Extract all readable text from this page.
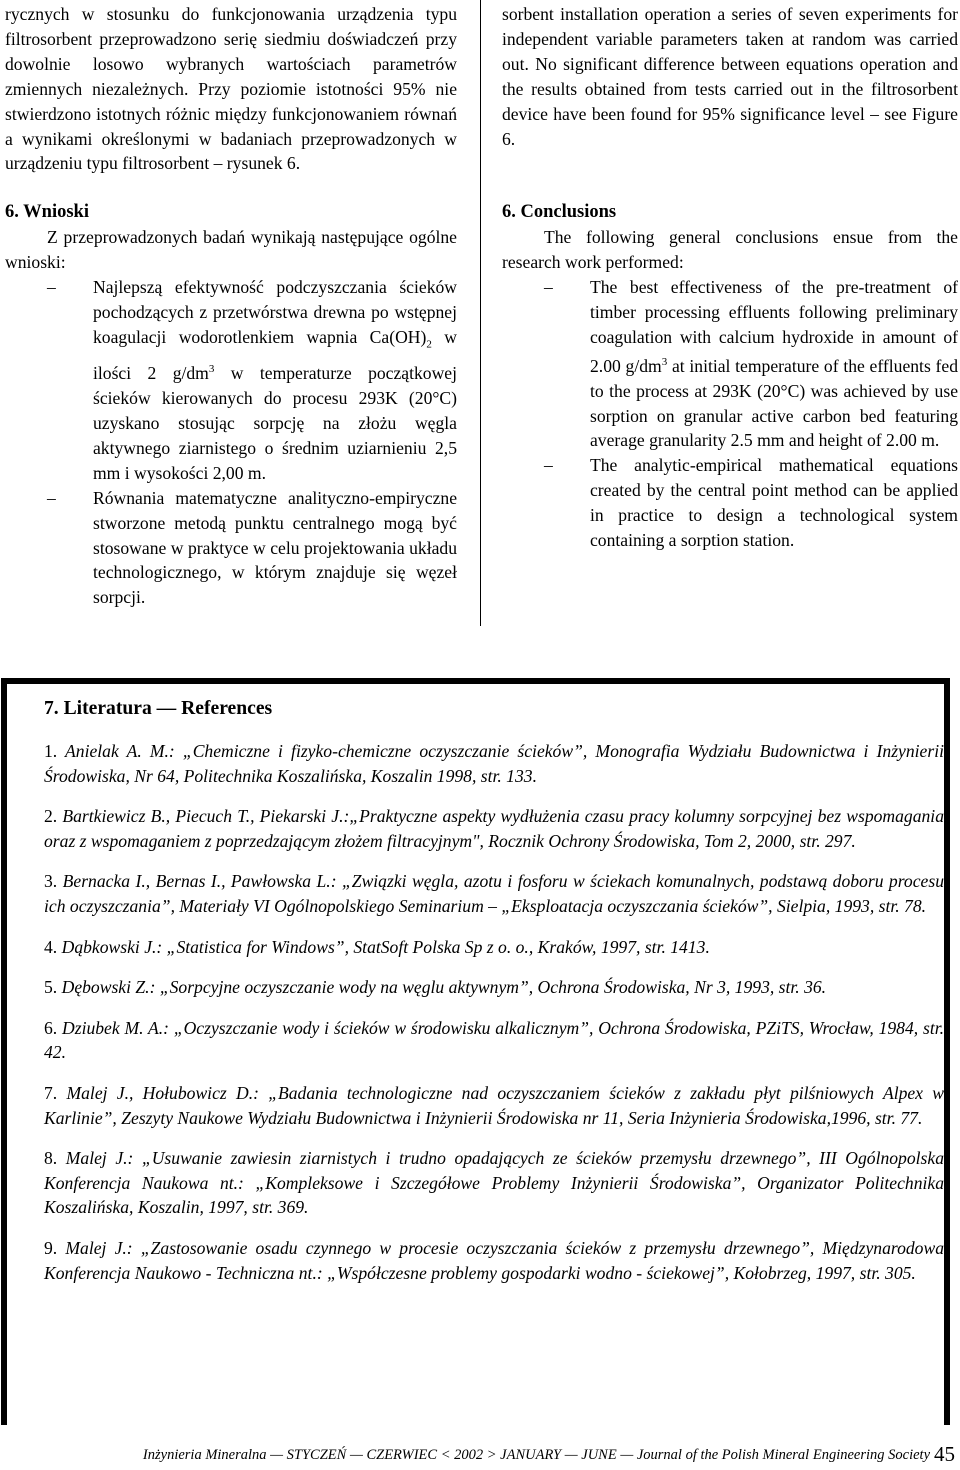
rycznych w stosunku do funkcjonowania urządzenia typu filtrosorbent przeprowadzono serię siedmiu doświadczeń przy dowolnie losowo wybranych wartościach parametrów zmiennych niezależnych. Przy poziomie istotności 95% nie stwierdzono istotnych różnic między funkcjonowaniem równań a wynikami określonymi w badaniach przeprowadzonych w urządzeniu typu filtrosorbent – rysunek 6.

6. Wnioski

Z przeprowadzonych badań wynikają następujące ogólne wnioski:

– Najlepszą efektywność podczyszczania ścieków pochodzących z przetwórstwa drewna po wstępnej koagulacji wodorotlenkiem wapnia $Ca(OH)_2$ w ilości 2 $g/dm^3$ w temperaturze początkowej ścieków kierowanych do procesu 293K (20°C) uzyskano stosując sorpcję na złożu węgla aktywnego ziarnistego o średnim uziarnieniu 2,5 mm i wysokości 2,00 m.
– Równania matematyczne analityczno-empiryczne stworzone metodą punktu centralnego mogą być stosowane w praktyce w celu projektowania układu technologicznego, w którym znajduje się węzeł sorpcji.

sorbent installation operation a series of seven experiments for independent variable parameters taken at random was carried out. No significant difference between equations operation and the results obtained from tests carried out in the filtrosorbent device have been found for 95% significance level – see Figure 6.

6. Conclusions

The following general conclusions ensue from the research work performed:

– The best effectiveness of the pre-treatment of timber processing effluents following preliminary coagulation with calcium hydroxide in amount of 2.00 $g/dm^3$ at initial temperature of the effluents fed to the process at 293K (20°C) was achieved by use sorption on granular active carbon bed featuring average granularity 2.5 mm and height of 2.00 m.
– The analytic-empirical mathematical equations created by the central point method can be applied in practice to design a technological system containing a sorption station.

7. Literatura — References

1. Anielak A. M.: „Chemiczne i fizyko-chemiczne oczyszczanie ścieków”, Monografia Wydziału Budownictwa i Inżynierii Środowiska, Nr 64, Politechnika Koszalińska, Koszalin 1998, str. 133.
2. Bartkiewicz B., Piecuch T., Piekarski J.:„Praktyczne aspekty wydłużenia czasu pracy kolumny sorpcyjnej bez wspomagania oraz z wspomaganiem z poprzedzającym złożem filtracyjnym", Rocznik Ochrony Środowiska, Tom 2, 2000, str. 297.
3. Bernacka I., Bernas I., Pawłowska L.: „Związki węgla, azotu i fosforu w ściekach komunalnych, podstawą doboru procesu ich oczyszczania”, Materiały VI Ogólnopolskiego Seminarium – „Eksploatacja oczyszczania ścieków”, Sielpia, 1993, str. 78.
4. Dąbkowski J.: „Statistica for Windows”, StatSoft Polska Sp z o. o., Kraków, 1997, str. 1413.
5. Dębowski Z.: „Sorpcyjne oczyszczanie wody na węglu aktywnym”, Ochrona Środowiska, Nr 3, 1993, str. 36.
6. Dziubek M. A.: „Oczyszczanie wody i ścieków w środowisku alkalicznym”, Ochrona Środowiska, PZiTS, Wrocław, 1984, str. 42.
7. Malej J., Hołubowicz D.: „Badania technologiczne nad oczyszczaniem ścieków z zakładu płyt pilśniowych Alpex w Karlinie”, Zeszyty Naukowe Wydziału Budownictwa i Inżynierii Środowiska nr 11, Seria Inżynieria Środowiska,1996, str. 77.
8. Malej J.: „Usuwanie zawiesin ziarnistych i trudno opadających ze ścieków przemysłu drzewnego”, III Ogólnopolska Konferencja Naukowa nt.: „Kompleksowe i Szczegółowe Problemy Inżynierii Środowiska”, Organizator Politechnika Koszalińska, Koszalin, 1997, str. 369.
9. Malej J.: „Zastosowanie osadu czynnego w procesie oczyszczania ścieków z przemysłu drzewnego”, Międzynarodowa Konferencja Naukowo - Techniczna nt.: „Współczesne problemy gospodarki wodno - ściekowej”, Kołobrzeg, 1997, str. 305.
Inżynieria Mineralna — STYCZEŃ — CZERWIEC < 2002 > JANUARY — JUNE — Journal of the Polish Mineral Engineering Society 45
